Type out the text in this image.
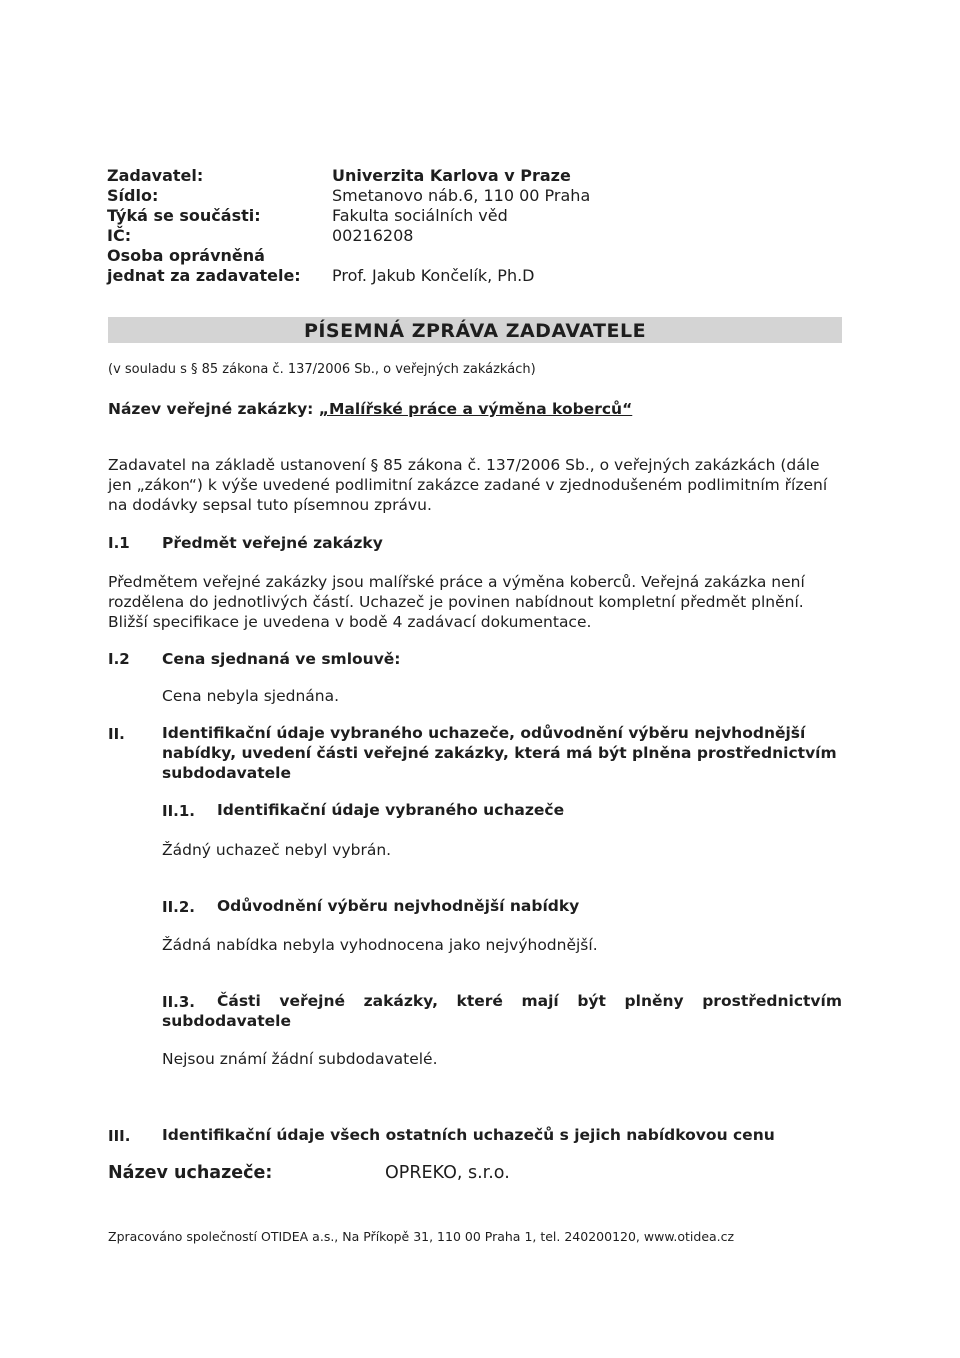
Zadavatel:	Univerzita Karlova v Praze
Sídlo:	Smetanovo náb.6, 110 00 Praha
Týká se součásti:	Fakulta sociálních věd
IČ:	00216208
Osoba oprávněná
jednat za zadavatele: Prof. Jakub Končelík, Ph.D
PÍSEMNÁ ZPRÁVA ZADAVATELE
(v souladu s § 85 zákona č. 137/2006 Sb., o veřejných zakázkách)
Název veřejné zakázky: „Malířské práce a výměna koberců“
Zadavatel na základě ustanovení § 85 zákona č. 137/2006 Sb., o veřejných zakázkách (dále
jen „zákon“) k výše uvedené podlimitní zakázce zadané v zjednodušeném podlimitním řízení
na dodávky sepsal tuto písemnou zprávu.
I.1 Předmět veřejné zakázky
Předmětem veřejné zakázky jsou malířské práce a výměna koberců. Veřejná zakázka není
rozdělena do jednotlivých částí. Uchazeč je povinen nabídnout kompletní předmět plnění.
Bližší specifikace je uvedena v bodě 4 zadávací dokumentace.
I.2 Cena sjednaná ve smlouvě:
Cena nebyla sjednána.
II. Identifikační údaje vybraného uchazeče, odůvodnění výběru nejvhodnější
nabídky, uvedení části veřejné zakázky, která má být plněna prostřednictvím
subdodavatele
II.1. Identifikační údaje vybraného uchazeče
Žádný uchazeč nebyl vybrán.
II.2. Odůvodnění výběru nejvhodnější nabídky
Žádná nabídka nebyla vyhodnocena jako nejvýhodnější.
II.3. Části veřejné zakázky, které mají být plněny prostřednictvím
subdodavatele
Nejsou známí žádní subdodavatelé.
III. Identifikační údaje všech ostatních uchazečů s jejich nabídkovou cenu
Název uchazeče:	OPREKO, s.r.o.
Zpracováno společností OTIDEA a.s., Na Příkopě 31, 110 00 Praha 1, tel. 240200120, www.otidea.cz
